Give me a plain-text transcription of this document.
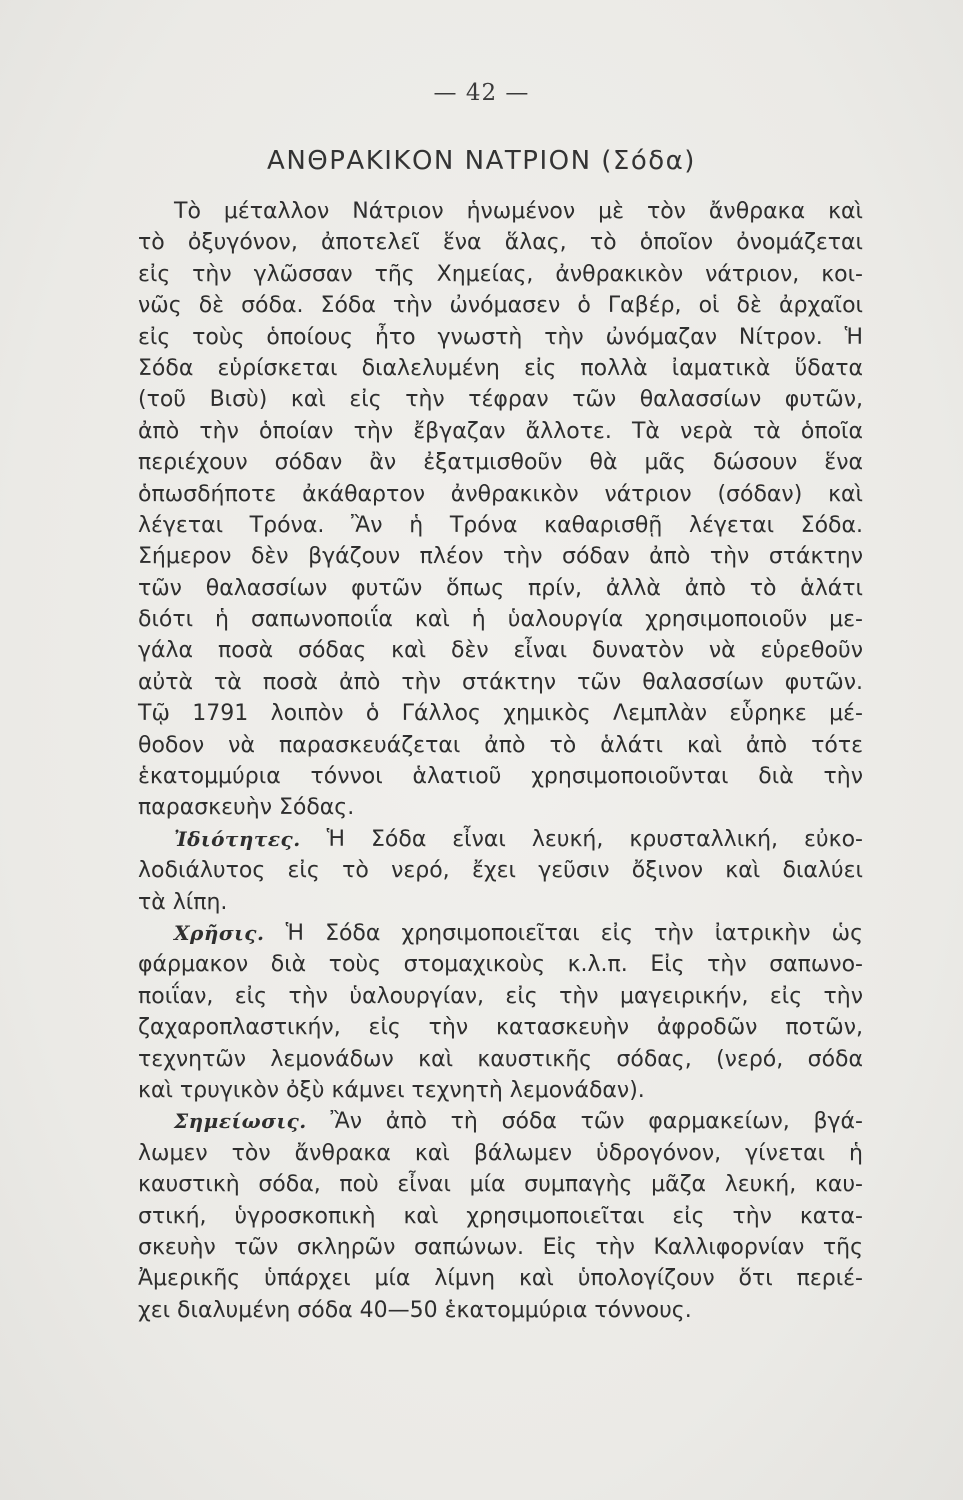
— 42 —
ΑΝΘΡΑΚΙΚΟΝ ΝΑΤΡΙΟΝ (Σόδα)
Τὸ μέταλλον Νάτριον ἡνωμένον μὲ τὸν ἄνθρακα καὶ
τὸ ὀξυγόνον, ἀποτελεῖ ἕνα ἅλας, τὸ ὁποῖον ὀνομάζεται
εἰς τὴν γλῶσσαν τῆς Χημείας, ἀνθρακικὸν νάτριον, κοι-
νῶς δὲ σόδα. Σόδα τὴν ὠνόμασεν ὁ Γαβέρ, οἱ δὲ ἀρχαῖοι
εἰς τοὺς ὁποίους ἦτο γνωστὴ τὴν ὠνόμαζαν Νίτρον. Ἡ
Σόδα εὑρίσκεται διαλελυμένη εἰς πολλὰ ἰαματικὰ ὕδατα
(τοῦ Βισὺ) καὶ εἰς τὴν τέφραν τῶν θαλασσίων φυτῶν,
ἀπὸ τὴν ὁποίαν τὴν ἔβγαζαν ἄλλοτε. Τὰ νερὰ τὰ ὁποῖα
περιέχουν σόδαν ἂν ἐξατμισθοῦν θὰ μᾶς δώσουν ἕνα
ὁπωσδήποτε ἀκάθαρτον ἀνθρακικὸν νάτριον (σόδαν) καὶ
λέγεται Τρόνα. Ἂν ἡ Τρόνα καθαρισθῇ λέγεται Σόδα.
Σήμερον δὲν βγάζουν πλέον τὴν σόδαν ἀπὸ τὴν στάκτην
τῶν θαλασσίων φυτῶν ὅπως πρίν, ἀλλὰ ἀπὸ τὸ ἁλάτι
διότι ἡ σαπωνοποιΐα καὶ ἡ ὑαλουργία χρησιμοποιοῦν με-
γάλα ποσὰ σόδας καὶ δὲν εἶναι δυνατὸν νὰ εὑρεθοῦν
αὐτὰ τὰ ποσὰ ἀπὸ τὴν στάκτην τῶν θαλασσίων φυτῶν.
Τῷ 1791 λοιπὸν ὁ Γάλλος χημικὸς Λεμπλὰν εὗρηκε μέ-
θοδον νὰ παρασκευάζεται ἀπὸ τὸ ἁλάτι καὶ ἀπὸ τότε
ἑκατομμύρια τόννοι ἁλατιοῦ χρησιμοποιοῦνται διὰ τὴν
παρασκευὴν Σόδας.
Ἰδιότητες. Ἡ Σόδα εἶναι λευκή, κρυσταλλική, εὐκο-
λοδιάλυτος εἰς τὸ νερό, ἔχει γεῦσιν ὄξινον καὶ διαλύει
τὰ λίπη.
Χρῆσις. Ἡ Σόδα χρησιμοποιεῖται εἰς τὴν ἰατρικὴν ὡς
φάρμακον διὰ τοὺς στομαχικοὺς κ.λ.π. Εἰς τὴν σαπωνο-
ποιΐαν, εἰς τὴν ὑαλουργίαν, εἰς τὴν μαγειρικήν, εἰς τὴν
ζαχαροπλαστικήν, εἰς τὴν κατασκευὴν ἀφροδῶν ποτῶν,
τεχνητῶν λεμονάδων καὶ καυστικῆς σόδας, (νερό, σόδα
καὶ τρυγικὸν ὀξὺ κάμνει τεχνητὴ λεμονάδαν).
Σημείωσις. Ἂν ἀπὸ τὴ σόδα τῶν φαρμακείων, βγά-
λωμεν τὸν ἄνθρακα καὶ βάλωμεν ὑδρογόνον, γίνεται ἡ
καυστικὴ σόδα, ποὺ εἶναι μία συμπαγὴς μᾶζα λευκή, καυ-
στική, ὑγροσκοπικὴ καὶ χρησιμοποιεῖται εἰς τὴν κατα-
σκευὴν τῶν σκληρῶν σαπώνων. Εἰς τὴν Καλλιφορνίαν τῆς
Ἀμερικῆς ὑπάρχει μία λίμνη καὶ ὑπολογίζουν ὅτι περιέ-
χει διαλυμένη σόδα 40—50 ἑκατομμύρια τόννους.
